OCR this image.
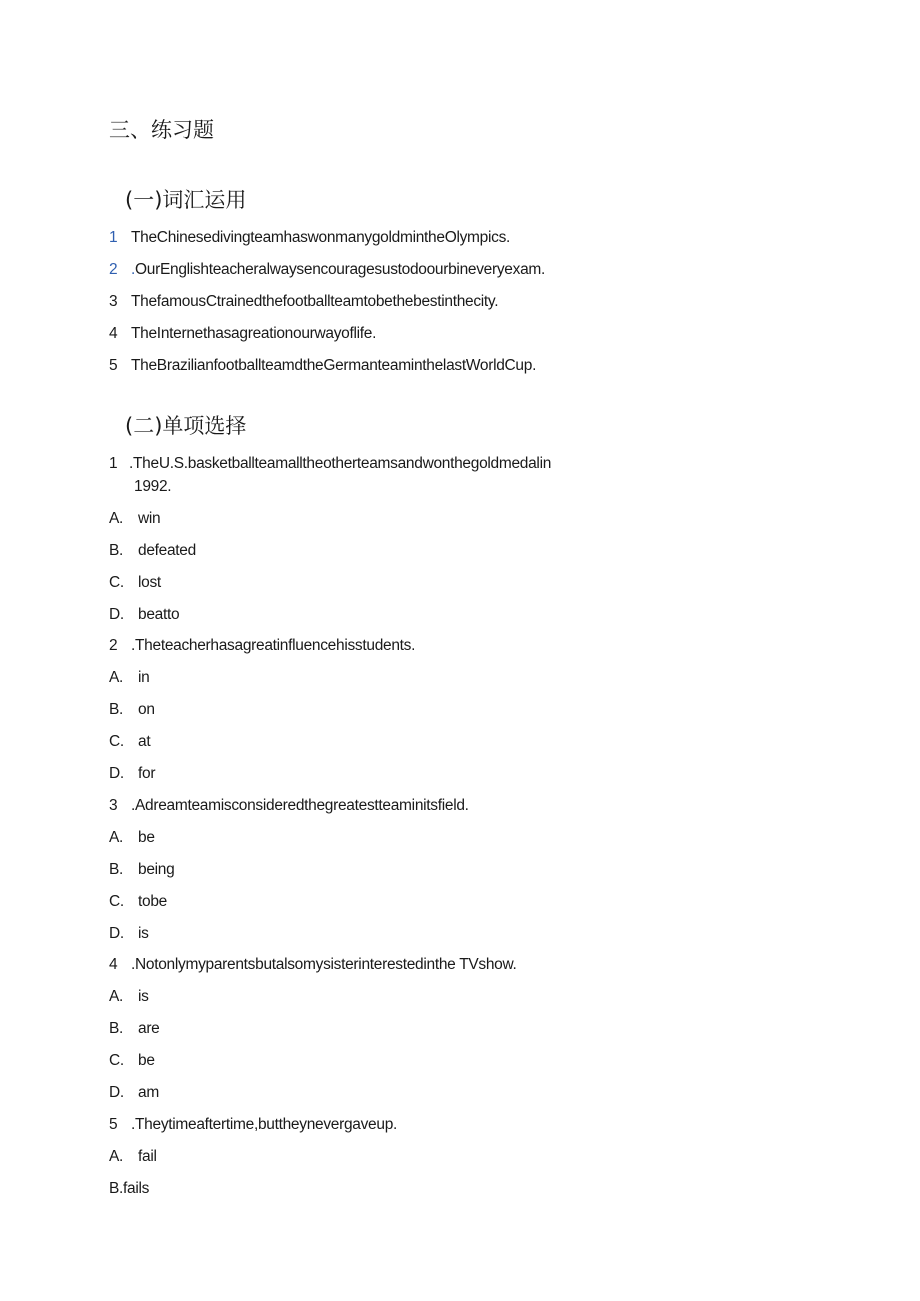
三、练习题
(一)词汇运用
1 TheChinesedivingteamhaswonmanygoldmintheOlympics.
2 .OurEnglishteacheralwaysencouragesustodoourbineveryexam.
3 ThefamousCtrainedthefootballteamtobethebestinthecity.
4 TheInternethasagreationourwayoflife.
5 TheBrazilianfootballteamdtheGermanteaminthelastWorldCup.
(二)单项选择
1 .TheU.S.basketballteamalltheotherteamsandwonthegoldmedalin
1992.
A. win
B. defeated
C. lost
D. beatto
2 .Theteacherhasagreatinfluencehisstudents.
A. in
B. on
C. at
D. for
3 .Adreamteamisconsideredthegreatestteaminitsfield.
A. be
B. being
C. tobe
D. is
4 .Notonlymyparentsbutalsomysisterinterestedinthe TVshow.
A. is
B. are
C. be
D. am
5 .Theytimeaftertime,buttheynevergaveup.
A. fail
B.fails
